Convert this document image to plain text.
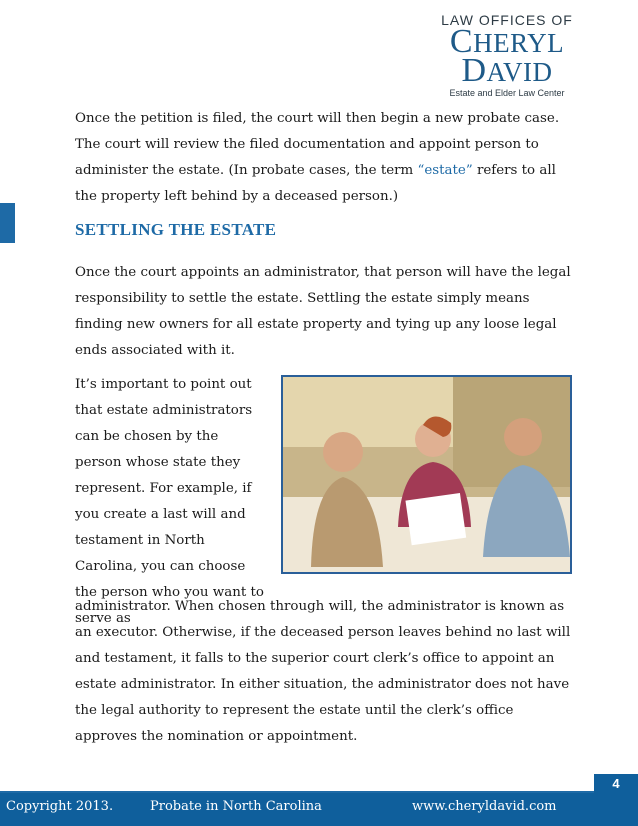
LAW OFFICES OF
CHERYL DAVID
Estate and Elder Law Center
Once the petition is filed, the court will then begin a new probate case. The court will review the filed documentation and appoint person to administer the estate. (In probate cases, the term “estate” refers to all the property left behind by a deceased person.)
SETTLING THE ESTATE
Once the court appoints an administrator, that person will have the legal responsibility to settle the estate. Settling the estate simply means finding new owners for all estate property and tying up any loose legal ends associated with it.
It’s important to point out that estate administrators can be chosen by the person whose state they represent. For example, if you create a last will and testament in North Carolina, you can choose the person who you want to serve as
administrator. When chosen through will, the administrator is known as an executor. Otherwise, if the deceased person leaves behind no last will and testament, it falls to the superior court clerk’s office to appoint an estate administrator. In either situation, the administrator does not have the legal authority to represent the estate until the clerk’s office approves the nomination or appointment.
4
Copyright 2013.	Probate in North Carolina	www.cheryldavid.com
